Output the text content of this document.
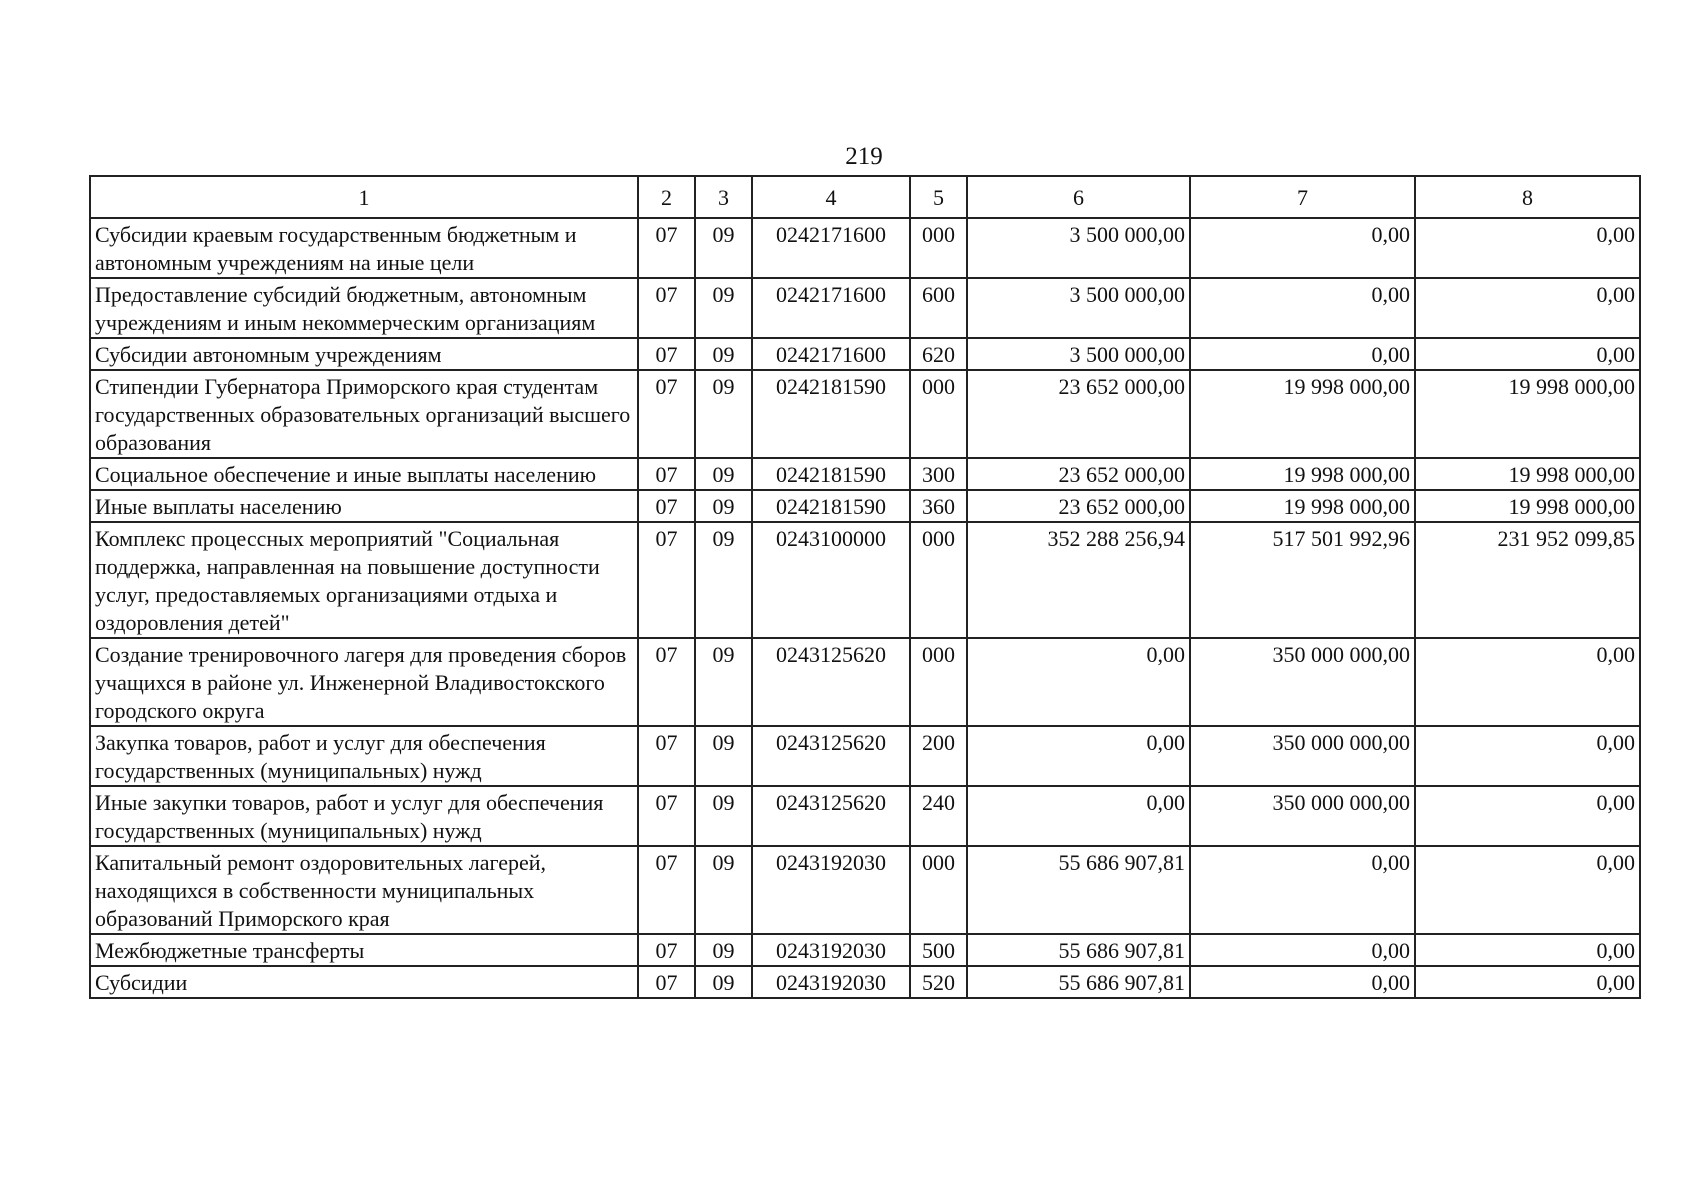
219
1	2	3	4	5	6	7	8
Субсидии краевым государственным бюджетным и автономным учреждениям на иные цели	07	09	0242171600	000	3 500 000,00	0,00	0,00
Предоставление субсидий бюджетным, автономным учреждениям и иным некоммерческим организациям	07	09	0242171600	600	3 500 000,00	0,00	0,00
Субсидии автономным учреждениям	07	09	0242171600	620	3 500 000,00	0,00	0,00
Стипендии Губернатора Приморского края студентам государственных образовательных организаций высшего образования	07	09	0242181590	000	23 652 000,00	19 998 000,00	19 998 000,00
Социальное обеспечение и иные выплаты населению	07	09	0242181590	300	23 652 000,00	19 998 000,00	19 998 000,00
Иные выплаты населению	07	09	0242181590	360	23 652 000,00	19 998 000,00	19 998 000,00
Комплекс процессных мероприятий "Социальная поддержка, направленная на повышение доступности услуг, предоставляемых организациями отдыха и оздоровления детей"	07	09	0243100000	000	352 288 256,94	517 501 992,96	231 952 099,85
Создание тренировочного лагеря для проведения сборов учащихся в районе ул. Инженерной Владивостокского городского округа	07	09	0243125620	000	0,00	350 000 000,00	0,00
Закупка товаров, работ и услуг для обеспечения государственных (муниципальных) нужд	07	09	0243125620	200	0,00	350 000 000,00	0,00
Иные закупки товаров, работ и услуг для обеспечения государственных (муниципальных) нужд	07	09	0243125620	240	0,00	350 000 000,00	0,00
Капитальный ремонт оздоровительных лагерей, находящихся в собственности муниципальных образований Приморского края	07	09	0243192030	000	55 686 907,81	0,00	0,00
Межбюджетные трансферты	07	09	0243192030	500	55 686 907,81	0,00	0,00
Субсидии	07	09	0243192030	520	55 686 907,81	0,00	0,00
